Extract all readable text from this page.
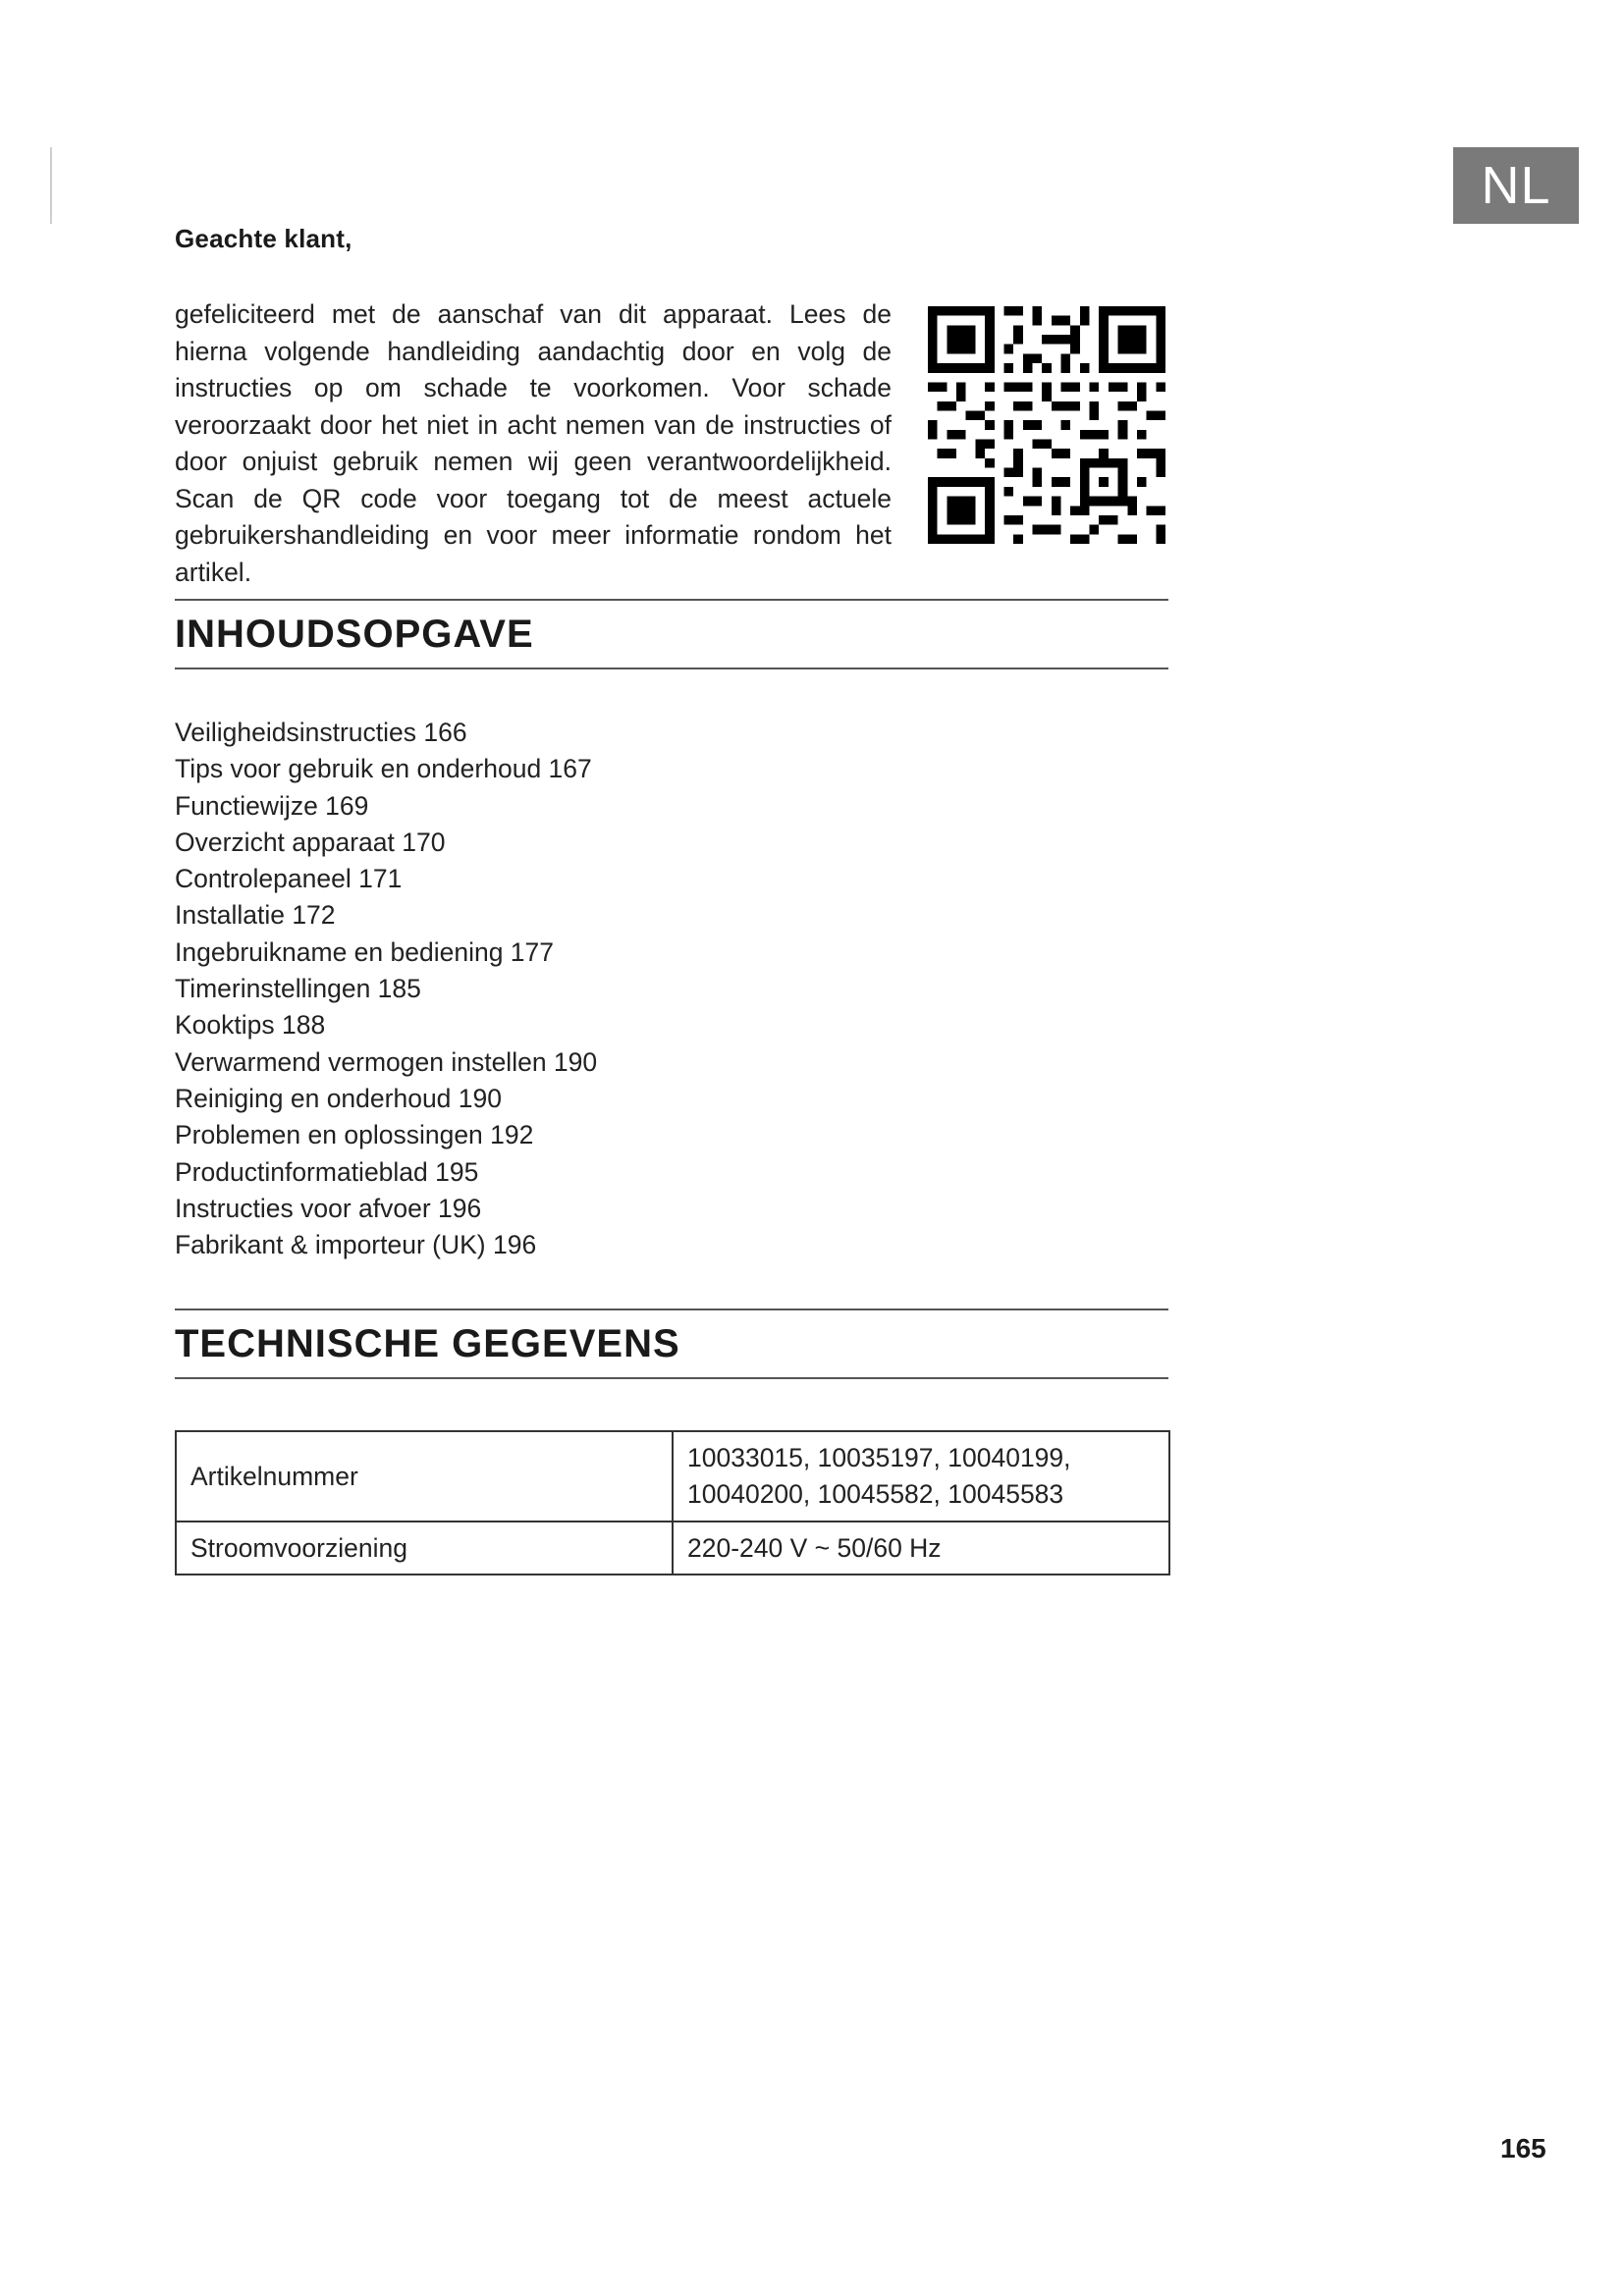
NL
Geachte klant,
gefeliciteerd met de aanschaf van dit apparaat. Lees de hierna volgende handleiding aandachtig door en volg de instructies op om schade te voorkomen. Voor schade veroorzaakt door het niet in acht nemen van de instructies of door onjuist gebruik nemen wij geen verantwoordelijkheid. Scan de QR code voor toegang tot de meest actuele gebruikershandleiding en voor meer informatie rondom het artikel.
INHOUDSOPGAVE
Veiligheidsinstructies 166
Tips voor gebruik en onderhoud 167
Functiewijze 169
Overzicht apparaat 170
Controlepaneel 171
Installatie 172
Ingebruikname en bediening 177
Timerinstellingen 185
Kooktips 188
Verwarmend vermogen instellen 190
Reiniging en onderhoud 190
Problemen en oplossingen 192
Productinformatieblad 195
Instructies voor afvoer 196
Fabrikant & importeur (UK) 196
TECHNISCHE GEGEVENS
Artikelnummer	10033015, 10035197, 10040199,
10040200, 10045582, 10045583

Stroomvoorziening	220-240 V ~ 50/60 Hz
165
